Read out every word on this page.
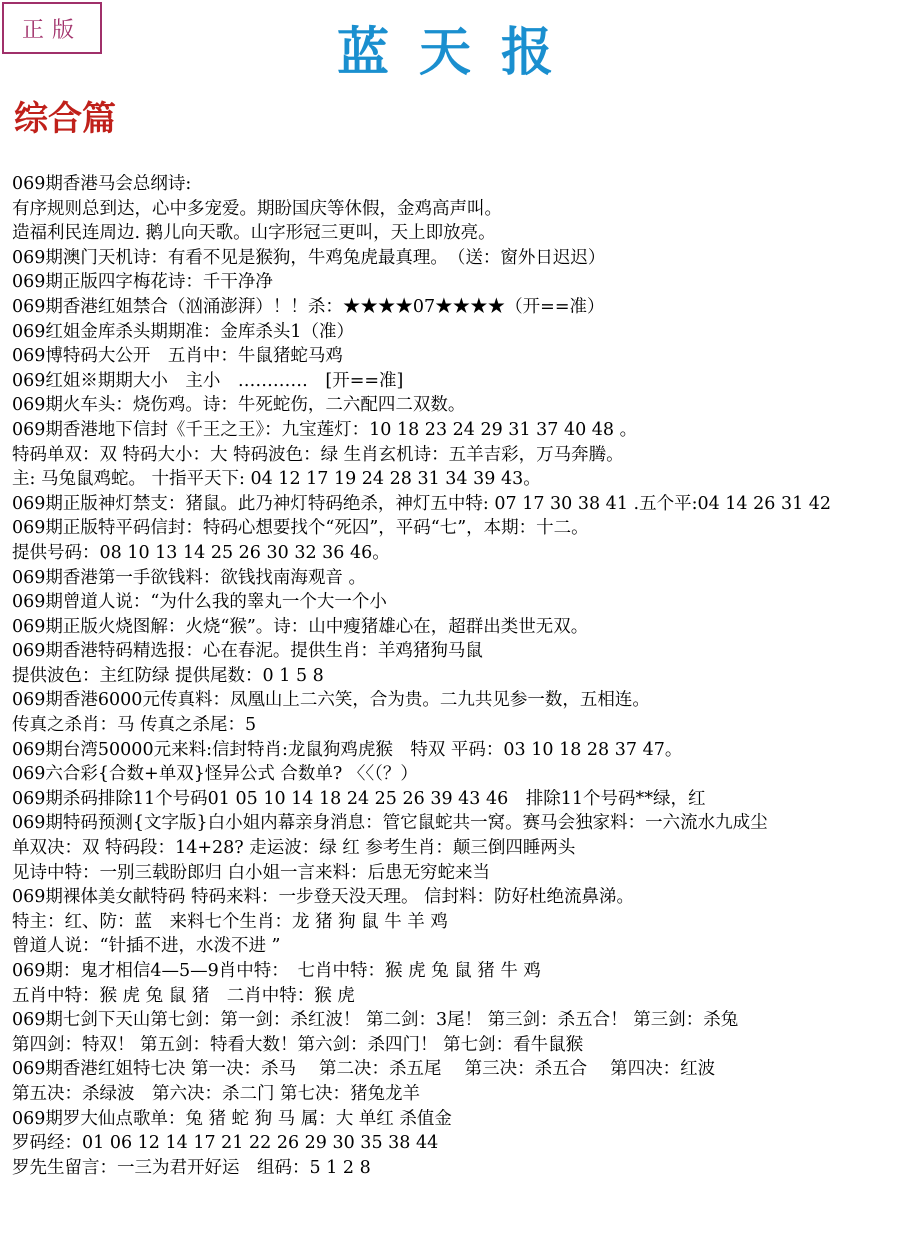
正版	蓝天报
综合篇
069期香港马会总纲诗:
有序规则总到达，心中多宠爱。期盼国庆等休假，金鸡高声叫。
造福利民连周边. 鹅儿向天歌。山字形冠三更叫，天上即放亮。
069期澳门天机诗：有看不见是猴狗，牛鸡兔虎最真理。　（送：窗外日迟迟）
069期正版四字梅花诗：千干净净
069期香港红姐禁合（汹涌澎湃）！！杀：★★★★07★★★★（开==准）
069红姐金库杀头期期准：金库杀头1（准）
069博特码大公开　五肖中：牛鼠猪蛇马鸡
069红姐※期期大小　主小　…………　[开==准]
069期火车头：烧伤鸡。诗：牛死蛇伤，二六配四二双数。
069期香港地下信封《千王之王》：九宝莲灯：10 18 23 24 29 31 37 40 48 。
特码单双：双 特码大小：大 特码波色：绿 生肖玄机诗：五羊吉彩，万马奔腾。
主: 马兔鼠鸡蛇。 十指平天下: 04 12 17 19 24 28 31 34 39 43。
069期正版神灯禁支：猪鼠。此乃神灯特码绝杀，神灯五中特: 07 17 30 38 41 .五个平:04 14 26 31 42
069期正版特平码信封：特码心想要找个“死囚”，平码“七”，本期：十二。
提供号码：08 10 13 14 25 26 30 32 36 46。
069期香港第一手欲钱料：欲钱找南海观音 。
069期曾道人说：“为什么我的睾丸一个大一个小
069期正版火烧图解：火烧“猴”。诗：山中瘦猪雄心在，超群出类世无双。
069期香港特码精选报：心在春泥。提供生肖：羊鸡猪狗马鼠
提供波色：主红防绿 提供尾数：0 1 5 8
069期香港6000元传真料：凤凰山上二六笑，合为贵。二九共见参一数，五相连。
传真之杀肖：马 传真之杀尾：5
069期台湾50000元来料:信封特肖:龙鼠狗鸡虎猴　特双 平码：03 10 18 28 37 47。
069六合彩{合数+单双}怪异公式 合数单? 〈〈（？）
069期杀码排除11个号码01 05 10 14 18 24 25 26 39 43 46　排除11个号码**绿，红
069期特码预测{文字版}白小姐内幕亲身消息：管它鼠蛇共一窝。赛马会独家料：一六流水九成尘
单双决：双 特码段：14+28? 走运波：绿 红 参考生肖：颠三倒四睡两头
见诗中特：一别三载盼郎归 白小姐一言来料：后患无穷蛇来当
069期裸体美女献特码 特码来料：一步登天没天理。 信封料：防好杜绝流鼻涕。
特主：红、防：蓝　来料七个生肖：龙 猪 狗 鼠 牛 羊 鸡
曾道人说：“针插不进，水泼不进 ”
069期：鬼才相信4—5—9肖中特：　七肖中特：猴 虎 兔 鼠 猪 牛 鸡
五肖中特：猴 虎 兔 鼠 猪　二肖中特：猴 虎
069期七剑下天山第七剑：第一剑：杀红波！ 第二剑：3尾！ 第三剑：杀五合！ 第三剑：杀兔
第四剑：特双！ 第五剑：特看大数！第六剑：杀四门！ 第七剑：看牛鼠猴
069期香港红姐特七决 第一决：杀马　 第二决：杀五尾　 第三决：杀五合　 第四决：红波
第五决：杀绿波　第六决：杀二门 第七决：猪兔龙羊
069期罗大仙点歌单：兔 猪 蛇 狗 马 属：大 单红 杀值金
罗码经：01 06 12 14 17 21 22 26 29 30 35 38 44
罗先生留言：一三为君开好运　组码：5 1 2 8
